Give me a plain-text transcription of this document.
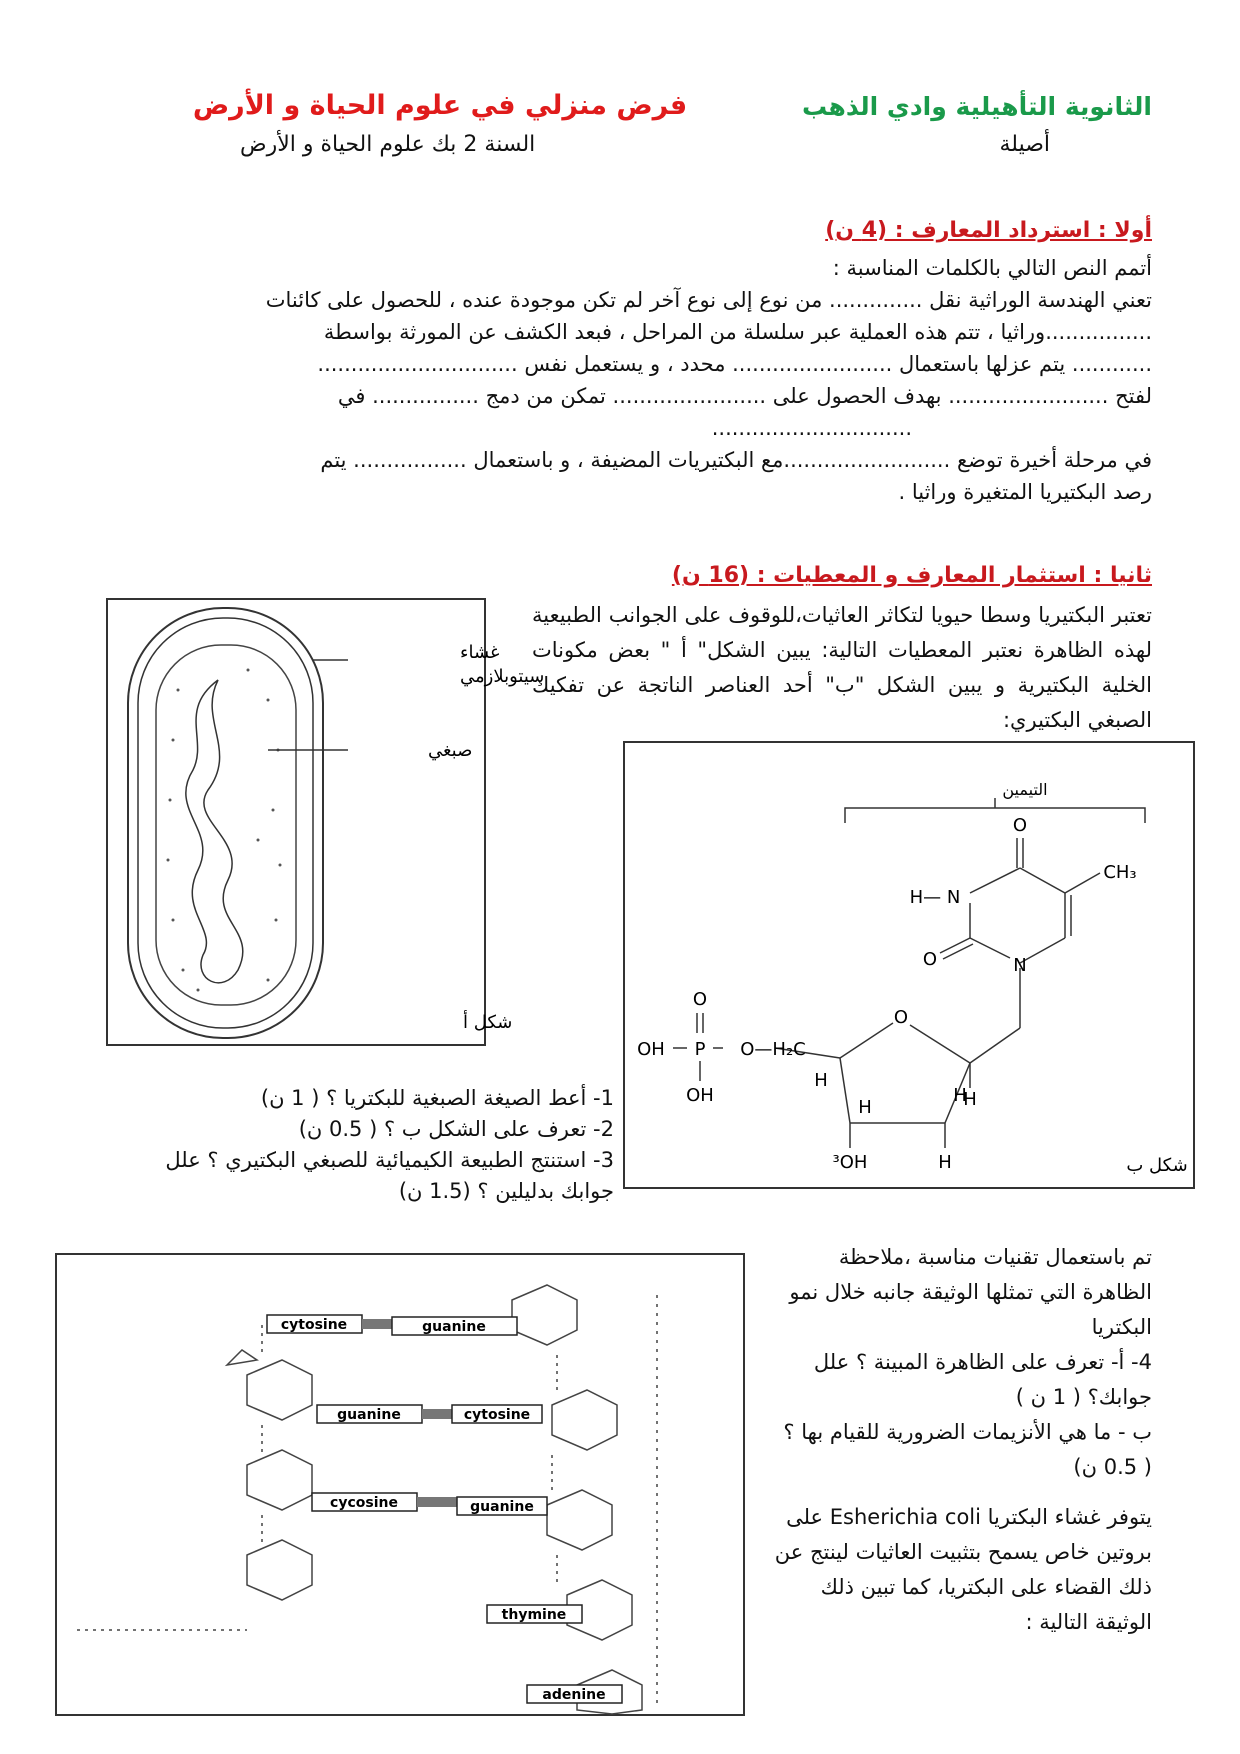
الثانوية التأهيلية وادي الذهب
فرض منزلي في علوم الحياة و الأرض
أصيلة
السنة 2 بك علوم الحياة و الأرض
أولا : استرداد المعارف : (4 ن)
أتمم النص التالي بالكلمات المناسبة :
تعني الهندسة الوراثية نقل .............. من نوع إلى نوع آخر لم تكن موجودة عنده ، للحصول على كائنات
................وراثيا ، تتم هذه العملية عبر سلسلة من المراحل ، فبعد الكشف عن المورثة بواسطة
............ يتم عزلها باستعمال ........................ محدد ، و يستعمل نفس ..............................
لفتح ........................ بهدف الحصول على ....................... تمكن من دمج ................ في
..............................
في مرحلة أخيرة توضع .........................مع البكتيريات المضيفة ، و باستعمال ................. يتم
رصد البكتيريا المتغيرة وراثيا .
ثانيا : استثمار المعارف و المعطيات : (16 ن)
تعتبر البكتيريا وسطا حيويا لتكاثر العاثيات،للوقوف على الجوانب الطبيعية لهذه الظاهرة نعتبر المعطيات التالية: يبين الشكل" أ " بعض مكونات الخلية البكتيرية و يبين الشكل "ب" أحد العناصر الناتجة عن تفكيك الصبغي البكتيري:
غشاء
سيتوبلازمي
صبغي
شكل أ
التيمين
O
H— N
CH₃
O	N
O
H
H
H	H
H
³OH
O
OH P
OH
O—H₂C
شكل ب
1- أعط الصيغة الصبغية للبكتريا ؟ ( 1 ن)
2- تعرف على الشكل ب ؟ ( 0.5 ن)
3- استنتج الطبيعة الكيميائية للصبغي البكتيري ؟ علل جوابك بدليلين ؟ (1.5 ن)
تم باستعمال تقنيات مناسبة ،ملاحظة الظاهرة التي تمثلها الوثيقة جانبه خلال نمو البكتريا
4- أ- تعرف على الظاهرة المبينة ؟ علل جوابك؟ ( 1 ن )
ب - ما هي الأنزيمات الضرورية للقيام بها ؟ ( 0.5 ن)
يتوفر غشاء البكتريا Esherichia coli على بروتين خاص يسمح بتثبيت العاثيات لينتج عن ذلك القضاء على البكتريا، كما تبين ذلك الوثيقة التالية :
cytosine	guanine
guanine	cytosine
cycosine	guanine
thymine
adenine
